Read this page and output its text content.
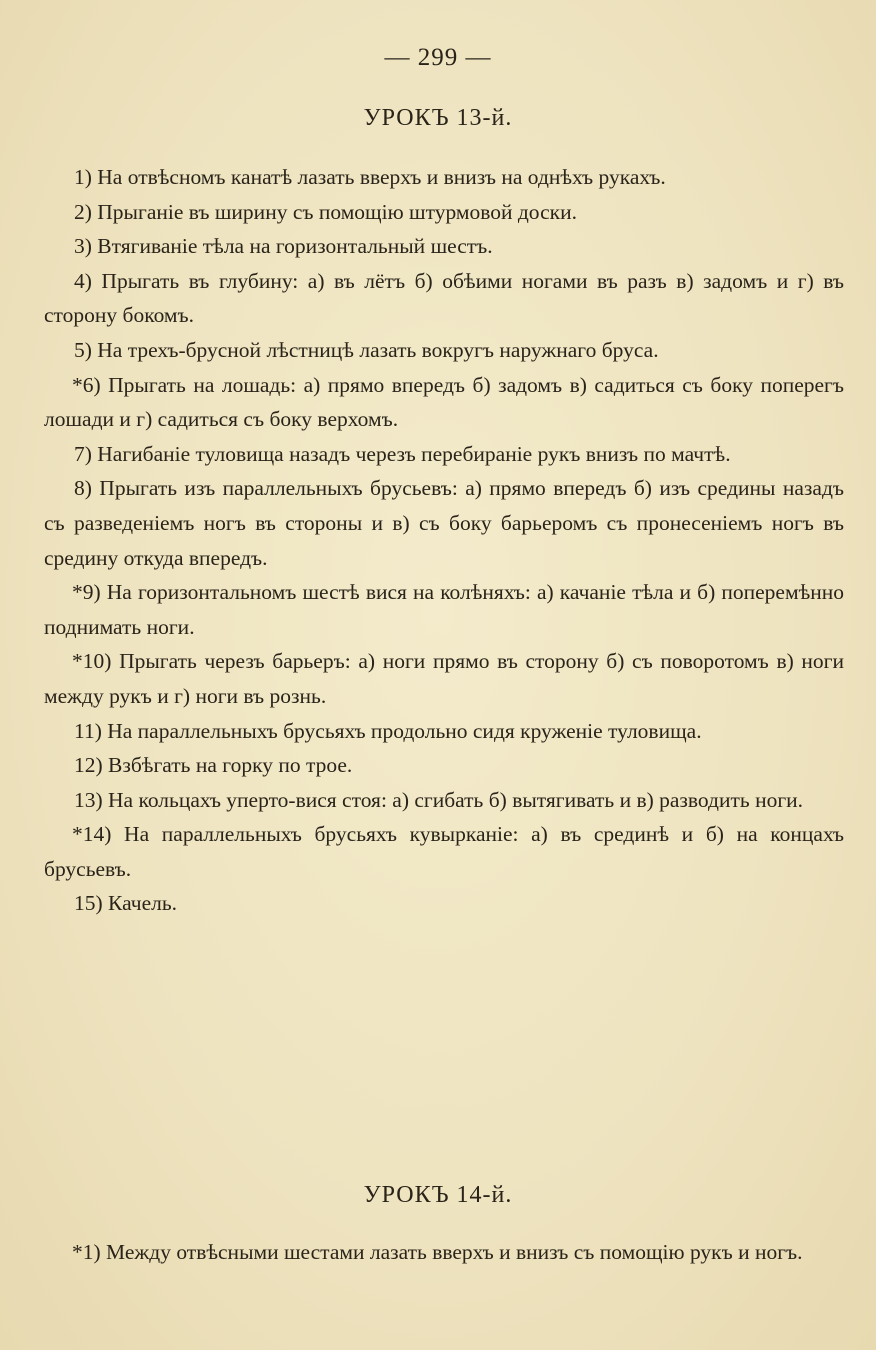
— 299 —
УРОКЪ 13-й.

1) На отвѣсномъ канатѣ лазать вверхъ и внизъ на однѣхъ рукахъ.

2) Прыганіе въ ширину съ помощію штурмовой доски.

3) Втягиваніе тѣла на горизонтальный шестъ.

4) Прыгать въ глубину: а) въ лётъ б) обѣими ногами въ разъ в) задомъ и г) въ сторону бокомъ.

5) На трехъ-брусной лѣстницѣ лазать вокругъ наружнаго бруса.

*6) Прыгать на лошадь: а) прямо впередъ б) задомъ в) садиться съ боку поперегъ лошади и г) садиться съ боку верхомъ.

7) Нагибаніе туловища назадъ черезъ перебираніе рукъ внизъ по мачтѣ.

8) Прыгать изъ параллельныхъ брусьевъ: а) прямо впередъ б) изъ средины назадъ съ разведеніемъ ногъ въ стороны и в) съ боку барьеромъ съ пронесеніемъ ногъ въ средину откуда впередъ.

*9) На горизонтальномъ шестѣ вися на колѣняхъ: а) качаніе тѣла и б) поперемѣнно поднимать ноги.

*10) Прыгать черезъ барьеръ: а) ноги прямо въ сторону б) съ поворотомъ в) ноги между рукъ и г) ноги въ рознь.

11) На параллельныхъ брусьяхъ продольно сидя круженіе туловища.

12) Взбѣгать на горку по трое.

13) На кольцахъ уперто-вися стоя: а) сгибать б) вытягивать и в) разводить ноги.

*14) На параллельныхъ брусьяхъ кувырканіе: а) въ срединѣ и б) на концахъ брусьевъ.

15) Качель.

УРОКЪ 14-й.

*1) Между отвѣсными шестами лазать вверхъ и внизъ съ помощію рукъ и ногъ.
